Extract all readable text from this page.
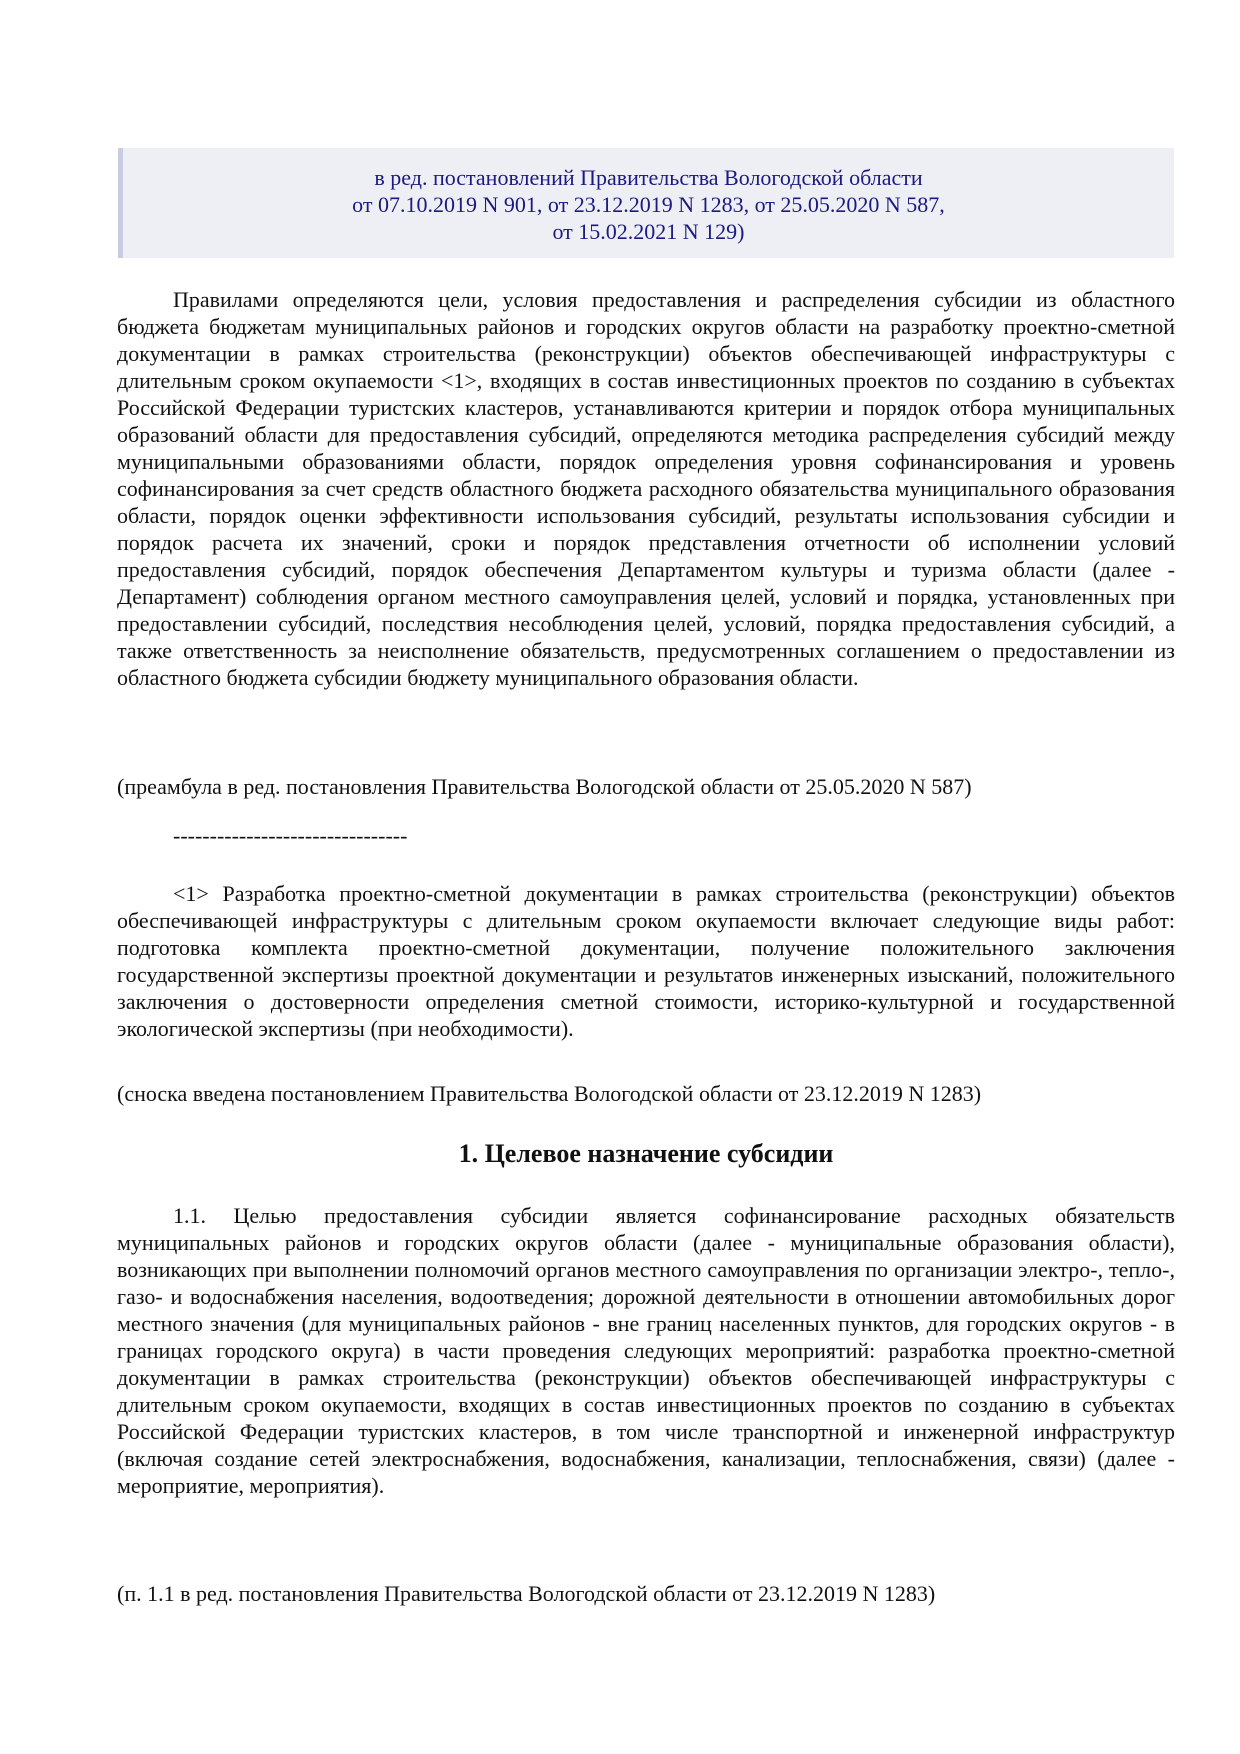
в ред. постановлений Правительства Вологодской области
от 07.10.2019 N 901, от 23.12.2019 N 1283, от 25.05.2020 N 587,
от 15.02.2021 N 129)

Правилами определяются цели, условия предоставления и распределения субсидии из областного бюджета бюджетам муниципальных районов и городских округов области на разработку проектно-сметной документации в рамках строительства (реконструкции) объектов обеспечивающей инфраструктуры с длительным сроком окупаемости <1>, входящих в состав инвестиционных проектов по созданию в субъектах Российской Федерации туристских кластеров, устанавливаются критерии и порядок отбора муниципальных образований области для предоставления субсидий, определяются методика распределения субсидий между муниципальными образованиями области, порядок определения уровня софинансирования и уровень софинансирования за счет средств областного бюджета расходного обязательства муниципального образования области, порядок оценки эффективности использования субсидий, результаты использования субсидии и порядок расчета их значений, сроки и порядок представления отчетности об исполнении условий предоставления субсидий, порядок обеспечения Департаментом культуры и туризма области (далее - Департамент) соблюдения органом местного самоуправления целей, условий и порядка, установленных при предоставлении субсидий, последствия несоблюдения целей, условий, порядка предоставления субсидий, а также ответственность за неисполнение обязательств, предусмотренных соглашением о предоставлении из областного бюджета субсидии бюджету муниципального образования области.

(преамбула в ред. постановления Правительства Вологодской области от 25.05.2020 N 587)

--------------------------------

<1> Разработка проектно-сметной документации в рамках строительства (реконструкции) объектов обеспечивающей инфраструктуры с длительным сроком окупаемости включает следующие виды работ: подготовка комплекта проектно-сметной документации, получение положительного заключения государственной экспертизы проектной документации и результатов инженерных изысканий, положительного заключения о достоверности определения сметной стоимости, историко-культурной и государственной экологической экспертизы (при необходимости).

(сноска введена постановлением Правительства Вологодской области от 23.12.2019 N 1283)

1. Целевое назначение субсидии

1.1. Целью предоставления субсидии является софинансирование расходных обязательств муниципальных районов и городских округов области (далее - муниципальные образования области), возникающих при выполнении полномочий органов местного самоуправления по организации электро-, тепло-, газо- и водоснабжения населения, водоотведения; дорожной деятельности в отношении автомобильных дорог местного значения (для муниципальных районов - вне границ населенных пунктов, для городских округов - в границах городского округа) в части проведения следующих мероприятий: разработка проектно-сметной документации в рамках строительства (реконструкции) объектов обеспечивающей инфраструктуры с длительным сроком окупаемости, входящих в состав инвестиционных проектов по созданию в субъектах Российской Федерации туристских кластеров, в том числе транспортной и инженерной инфраструктур (включая создание сетей электроснабжения, водоснабжения, канализации, теплоснабжения, связи) (далее - мероприятие, мероприятия).

(п. 1.1 в ред. постановления Правительства Вологодской области от 23.12.2019 N 1283)
